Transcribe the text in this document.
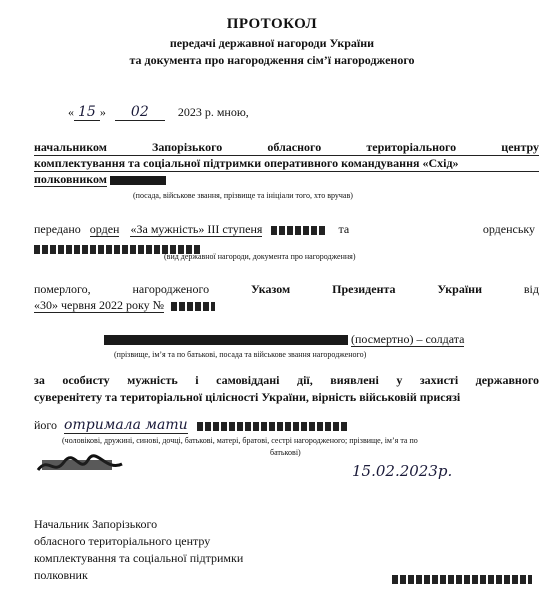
ПРОТОКОЛ
передачі державної нагороди України
та документа про нагородження сім’ї нагородженого
« 15 » 02 2023 р. мною,
начальником Запорізького обласного територіального центру
комплектування та соціальної підтримки оперативного командування «Схід»
полковником
(посада, військове звання, прізвище та ініціали того, хто вручав)
передано орден «За мужність» III ступеня	та	орденську
(вид державної нагороди, документа про нагородження)
померлого,	нагородженого	Указом	Президента	України	від
«30» червня 2022 року №
(посмертно) – солдата
(прізвище, ім’я та по батькові, посада та військове звання нагородженого)
за особисту мужність і самовіддані дії, виявлені у захисті державного
суверенітету та територіальної цілісності України, вірність військовій присязі
його отримала мати
(чоловікові, дружині, синові, дочці, батькові, матері, братові, сестрі нагородженого; прізвище, ім’я та по
батькові)
15.02.2023р.
Начальник Запорізького
обласного територіального центру
комплектування та соціальної підтримки
полковник
